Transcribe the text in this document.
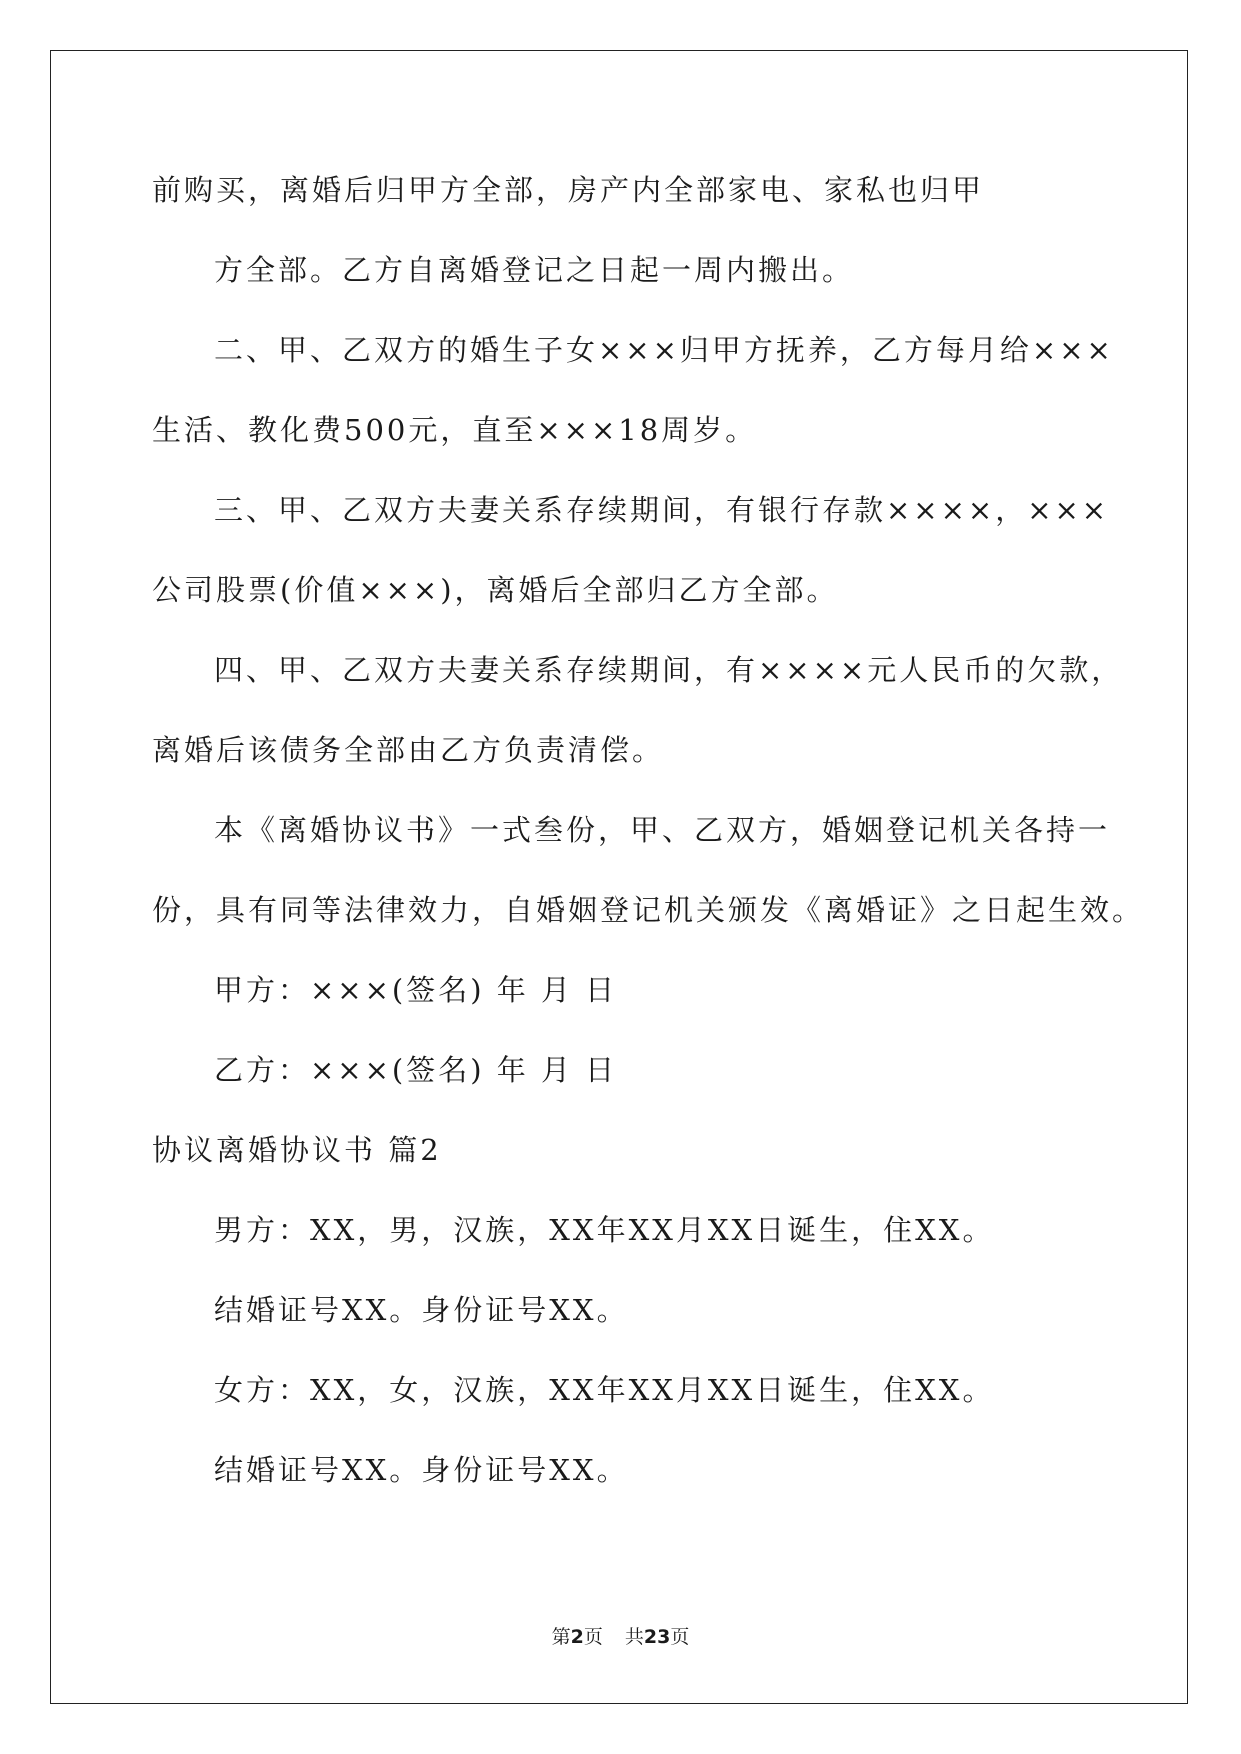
前购买，离婚后归甲方全部，房产内全部家电、家私也归甲
方全部。乙方自离婚登记之日起一周内搬出。
二、甲、乙双方的婚生子女×××归甲方抚养，乙方每月给×××
生活、教化费500元，直至×××18周岁。
三、甲、乙双方夫妻关系存续期间，有银行存款××××，×××
公司股票(价值×××)，离婚后全部归乙方全部。
四、甲、乙双方夫妻关系存续期间，有××××元人民币的欠款，
离婚后该债务全部由乙方负责清偿。
本《离婚协议书》一式叁份，甲、乙双方，婚姻登记机关各持一
份，具有同等法律效力，自婚姻登记机关颁发《离婚证》之日起生效。
甲方：×××(签名) 年 月 日
乙方：×××(签名) 年 月 日
协议离婚协议书 篇2
男方：XX，男，汉族，XX年XX月XX日诞生，住XX。
结婚证号XX。身份证号XX。
女方：XX，女，汉族，XX年XX月XX日诞生，住XX。
结婚证号XX。身份证号XX。
第2页 共23页
